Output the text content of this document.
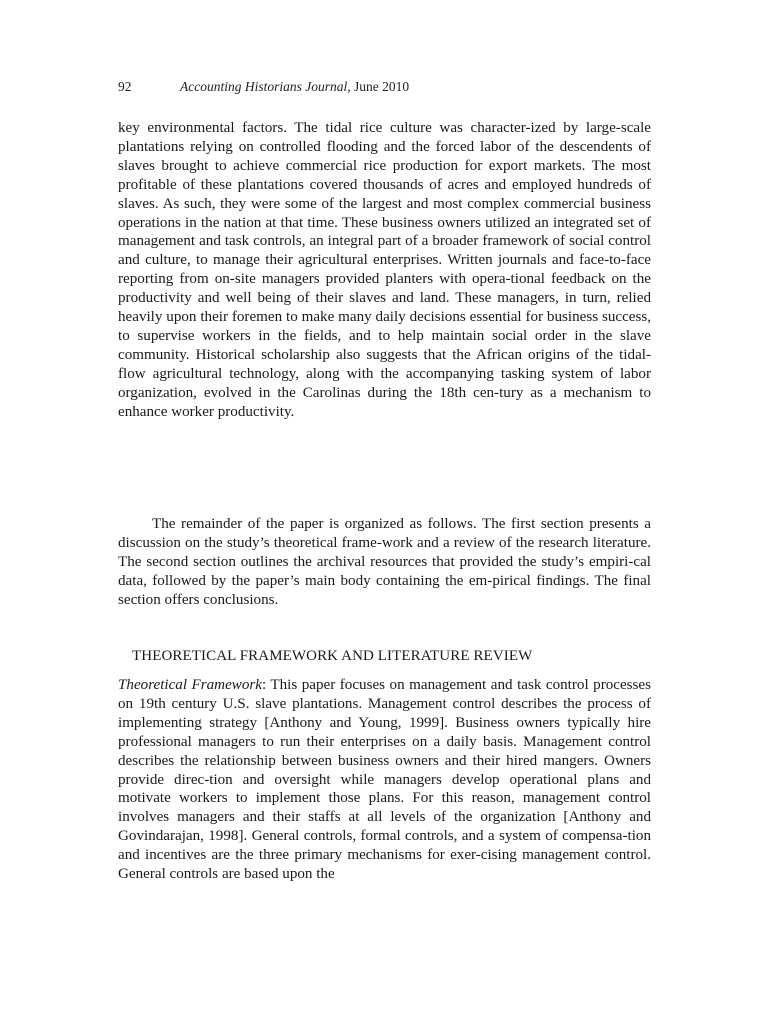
92	Accounting Historians Journal, June 2010
key environmental factors. The tidal rice culture was character-ized by large-scale plantations relying on controlled flooding and the forced labor of the descendents of slaves brought to achieve commercial rice production for export markets. The most profitable of these plantations covered thousands of acres and employed hundreds of slaves. As such, they were some of the largest and most complex commercial business operations in the nation at that time. These business owners utilized an integrated set of management and task controls, an integral part of a broader framework of social control and culture, to manage their agricultural enterprises. Written journals and face-to-face reporting from on-site managers provided planters with opera-tional feedback on the productivity and well being of their slaves and land. These managers, in turn, relied heavily upon their foremen to make many daily decisions essential for business success, to supervise workers in the fields, and to help maintain social order in the slave community. Historical scholarship also suggests that the African origins of the tidal-flow agricultural technology, along with the accompanying tasking system of labor organization, evolved in the Carolinas during the 18th cen-tury as a mechanism to enhance worker productivity.
The remainder of the paper is organized as follows. The first section presents a discussion on the study’s theoretical frame-work and a review of the research literature. The second section outlines the archival resources that provided the study’s empiri-cal data, followed by the paper’s main body containing the em-pirical findings. The final section offers conclusions.
THEORETICAL FRAMEWORK AND LITERATURE REVIEW
Theoretical Framework: This paper focuses on management and task control processes on 19th century U.S. slave plantations. Management control describes the process of implementing strategy [Anthony and Young, 1999]. Business owners typically hire professional managers to run their enterprises on a daily basis. Management control describes the relationship between business owners and their hired mangers. Owners provide direc-tion and oversight while managers develop operational plans and motivate workers to implement those plans. For this reason, management control involves managers and their staffs at all levels of the organization [Anthony and Govindarajan, 1998]. General controls, formal controls, and a system of compensa-tion and incentives are the three primary mechanisms for exer-cising management control. General controls are based upon the
